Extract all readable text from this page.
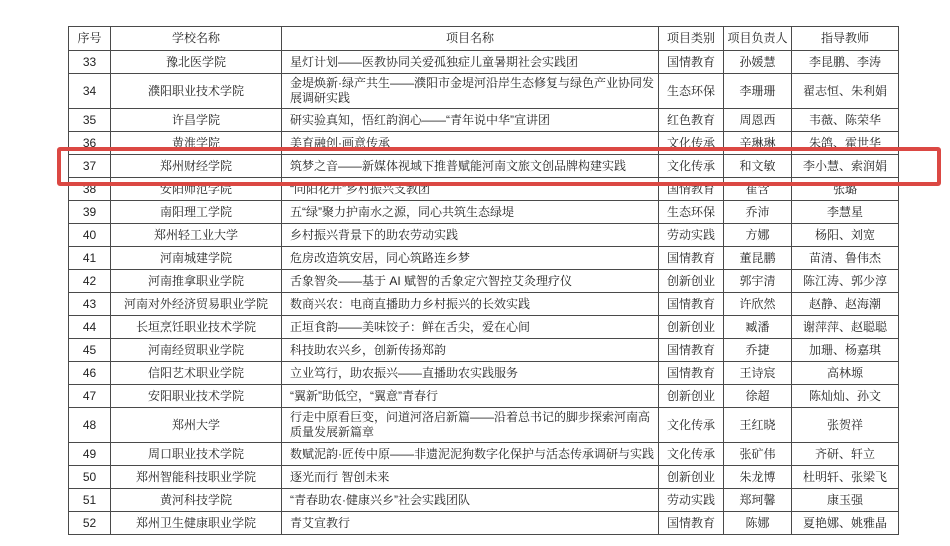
序号	学校名称	项目名称	项目类别	项目负责人	指导教师
33	豫北医学院	星灯计划——医教协同关爱孤独症儿童暑期社会实践团	国情教育	孙媛慧	李昆鹏、李涛
34	濮阳职业技术学院	金堤焕新·绿产共生——濮阳市金堤河沿岸生态修复与绿色产业协同发展调研实践	生态环保	李珊珊	翟志恒、朱利娟
35	许昌学院	研实验真知，悟红韵润心——“青年说中华”宣讲团	红色教育	周恩西	韦薇、陈荣华
36	黄淮学院	美育融创·画意传承	文化传承	辛琳琳	朱鸽、霍世华
37	郑州财经学院	筑梦之音——新媒体视域下推普赋能河南文旅文创品牌构建实践	文化传承	和文敏	李小慧、索润娟
38	安阳师范学院	“向阳花开”乡村振兴支教团	国情教育	崔含	张璐
39	南阳理工学院	五“绿”聚力护南水之源，同心共筑生态绿堤	生态环保	乔沛	李慧星
40	郑州轻工业大学	乡村振兴背景下的助农劳动实践	劳动实践	方娜	杨阳、刘宽
41	河南城建学院	危房改造筑安居，同心筑路连乡梦	国情教育	董昆鹏	苗清、鲁伟杰
42	河南推拿职业学院	舌象智灸——基于 AI 赋智的舌象定穴智控艾灸理疗仪	创新创业	郭宇清	陈江涛、郭少淳
43	河南对外经济贸易职业学院	数商兴农：电商直播助力乡村振兴的长效实践	国情教育	许欣然	赵静、赵海潮
44	长垣烹饪职业技术学院	正垣食韵——美味饺子：鲜在舌尖，爱在心间	创新创业	臧潘	谢萍萍、赵聪聪
45	河南经贸职业学院	科技助农兴乡，创新传扬郑韵	国情教育	乔捷	加珊、杨嘉琪
46	信阳艺术职业学院	立业笃行，助农振兴——直播助农实践服务	国情教育	王诗宸	高林塬
47	安阳职业技术学院	“翼新”助低空，“翼意”青春行	创新创业	徐超	陈灿灿、孙文
48	郑州大学	行走中原看巨变，问道河洛启新篇——沿着总书记的脚步探索河南高质量发展新篇章	文化传承	王红晓	张贺祥
49	周口职业技术学院	数赋泥韵·匠传中原——非遗泥泥狗数字化保护与活态传承调研与实践	文化传承	张矿伟	齐研、轩立
50	郑州智能科技职业学院	逐光而行 智创未来	创新创业	朱龙博	杜明轩、张梁飞
51	黄河科技学院	“青春助农·健康兴乡”社会实践团队	劳动实践	郑珂馨	康玉强
52	郑州卫生健康职业学院	青艾宣教行	国情教育	陈娜	夏艳娜、姚雅晶
